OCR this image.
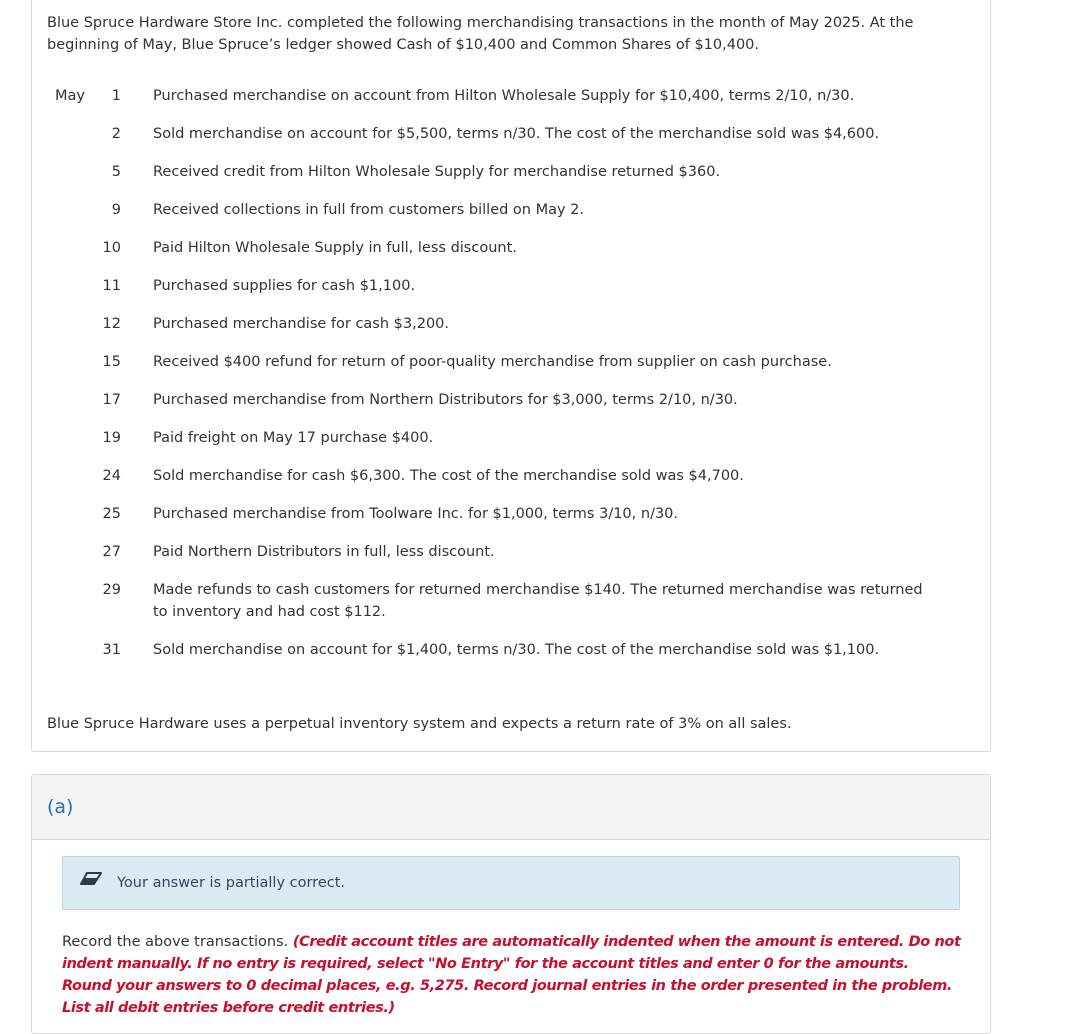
Blue Spruce Hardware Store Inc. completed the following merchandising transactions in the month of May 2025. At the beginning of May, Blue Spruce’s ledger showed Cash of $10,400 and Common Shares of $10,400.

May	1 Purchased merchandise on account from Hilton Wholesale Supply for $10,400, terms 2/10, n/30.
2 Sold merchandise on account for $5,500, terms n/30. The cost of the merchandise sold was $4,600.
5 Received credit from Hilton Wholesale Supply for merchandise returned $360.
9 Received collections in full from customers billed on May 2.
10 Paid Hilton Wholesale Supply in full, less discount.
11 Purchased supplies for cash $1,100.
12 Purchased merchandise for cash $3,200.
15 Received $400 refund for return of poor-quality merchandise from supplier on cash purchase.
17 Purchased merchandise from Northern Distributors for $3,000, terms 2/10, n/30.
19 Paid freight on May 17 purchase $400.
24 Sold merchandise for cash $6,300. The cost of the merchandise sold was $4,700.
25 Purchased merchandise from Toolware Inc. for $1,000, terms 3/10, n/30.
27 Paid Northern Distributors in full, less discount.
29 Made refunds to cash customers for returned merchandise $140. The returned merchandise was returned to inventory and had cost $112.
31 Sold merchandise on account for $1,400, terms n/30. The cost of the merchandise sold was $1,100.

Blue Spruce Hardware uses a perpetual inventory system and expects a return rate of 3% on all sales.

(a)
Your answer is partially correct.

Record the above transactions. (Credit account titles are automatically indented when the amount is entered. Do not indent manually. If no entry is required, select "No Entry" for the account titles and enter 0 for the amounts. Round your answers to 0 decimal places, e.g. 5,275. Record journal entries in the order presented in the problem. List all debit entries before credit entries.)
